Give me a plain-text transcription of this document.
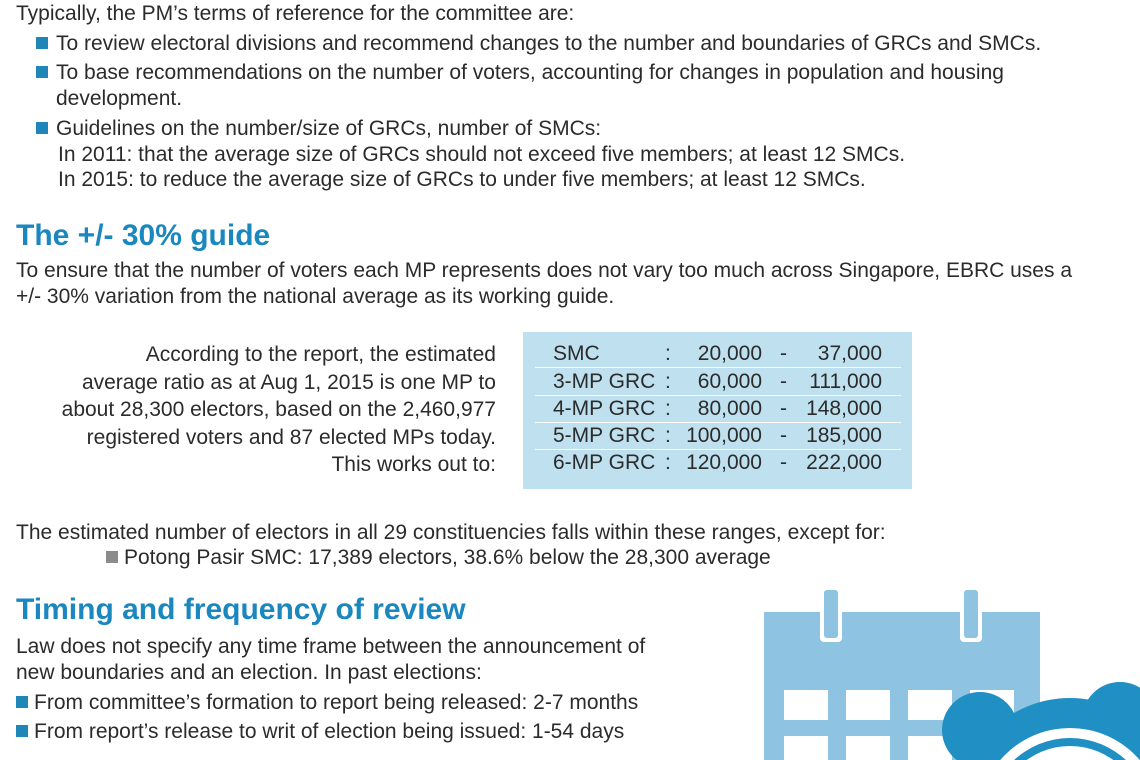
Typically, the PM’s terms of reference for the committee are:
To review electoral divisions and recommend changes to the number and boundaries of GRCs and SMCs.
To base recommendations on the number of voters, accounting for changes in population and housing
development.
Guidelines on the number/size of GRCs, number of SMCs:
In 2011: that the average size of GRCs should not exceed five members; at least 12 SMCs.
In 2015: to reduce the average size of GRCs to under five members; at least 12 SMCs.
The +/- 30% guide
To ensure that the number of voters each MP represents does not vary too much across Singapore, EBRC uses a
+/- 30% variation from the national average as its working guide.
According to the report, the estimated
average ratio as at Aug 1, 2015 is one MP to
about 28,300 electors, based on the 2,460,977
registered voters and 87 elected MPs today.
This works out to:
SMC	: 20,000 - 37,000
3-MP GRC : 60,000 - 111,000
4-MP GRC : 80,000 - 148,000
5-MP GRC : 100,000 - 185,000
6-MP GRC : 120,000 - 222,000
The estimated number of electors in all 29 constituencies falls within these ranges, except for:
Potong Pasir SMC: 17,389 electors, 38.6% below the 28,300 average
Timing and frequency of review
Law does not specify any time frame between the announcement of
new boundaries and an election. In past elections:
From committee’s formation to report being released: 2-7 months
From report’s release to writ of election being issued: 1-54 days
